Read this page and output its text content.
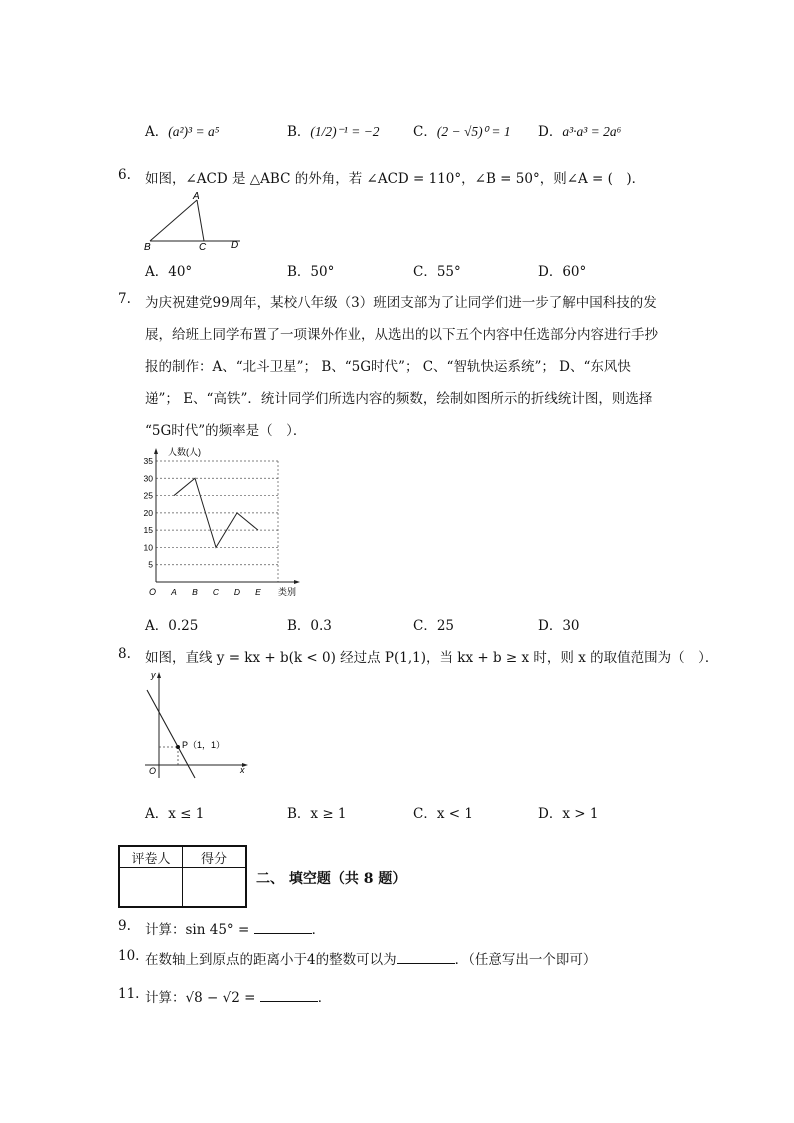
A．(a²)³ = a⁵	B．(1/2)⁻¹ = −2 C．(2 − √5)⁰ = 1 D．a³·a³ = 2a⁶
6. 如图，∠ACD 是 △ABC 的外角，若 ∠ACD = 110°，∠B = 50°，则∠A = (　)．
A
B	C D
A．40°	B．50°	C．55°	D．60°
7. 为庆祝建党99周年，某校八年级（3）班团支部为了让同学们进一步了解中国科技的发
展，给班上同学布置了一项课外作业，从选出的以下五个内容中任选部分内容进行手抄
报的制作：A、“北斗卫星”； B、“5G时代”； C、“智轨快运系统”； D、“东风快
递”； E、“高铁”．统计同学们所选内容的频数，绘制如图所示的折线统计图，则选择
“5G时代”的频率是（　）．
5
10
15
20
25
30
35
A B C D E
人数(人)
类别
O
A．0.25	B．0.3	C．25	D．30
8. 如图，直线 y = kx + b(k < 0) 经过点 P(1,1)，当 kx + b ≥ x 时，则 x 的取值范围为（　）．
y
x
O
P（1，1）
A．x ≤ 1	B．x ≥ 1	C．x < 1	D．x > 1
评卷人	得分

二、 填空题（共 8 题）
9. 计算：sin 45° =	．
10. 在数轴上到原点的距离小于4的整数可以为	．（任意写出一个即可）
11. 计算：√8 − √2 =	．
